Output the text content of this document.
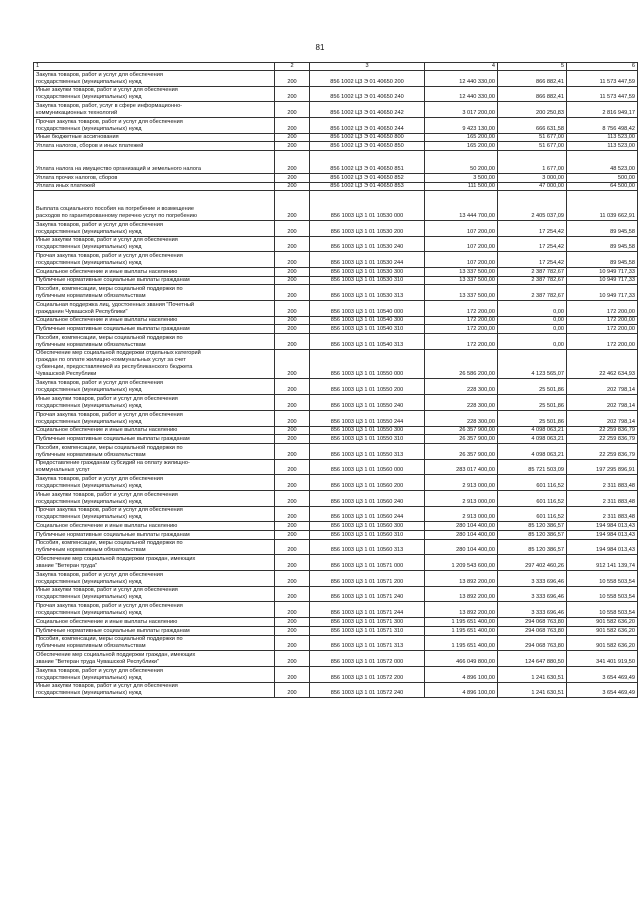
81
1	2	3	4	5	6
Закупка товаров, работ и услуг для обеспечения
государственных (муниципальных) нужд	200	856 1002 Ц3 Э 01 40650 200	12 440 330,00	866 882,41	11 573 447,59
Иные закупки товаров, работ и услуг для обеспечения
государственных (муниципальных) нужд	200	856 1002 Ц3 Э 01 40650 240	12 440 330,00	866 882,41	11 573 447,59
Закупка товаров, работ, услуг в сфере информационно-
коммуникационных технологий	200	856 1002 Ц3 Э 01 40650 242	3 017 200,00	200 250,83	2 816 949,17
Прочая закупка товаров, работ и услуг для обеспечения
государственных (муниципальных) нужд	200	856 1002 Ц3 Э 01 40650 244	9 423 130,00	666 631,58	8 756 498,42
Иные бюджетные ассигнования	200	856 1002 Ц3 Э 01 40650 800	165 200,00	51 677,00	113 523,00
Уплата налогов, сборов и иных платежей	200	856 1002 Ц3 Э 01 40650 850	165 200,00	51 677,00	113 523,00

Уплата налога на имущество организаций и земельного налога	200	856 1002 Ц3 Э 01 40650 851	50 200,00	1 677,00	48 523,00
Уплата прочих налогов, сборов	200	856 1002 Ц3 Э 01 40650 852	3 500,00	3 000,00	500,00
Уплата иных платежей	200	856 1002 Ц3 Э 01 40650 853	111 500,00	47 000,00	64 500,00

Выплата социального пособия на погребение и возмещение
расходов по гарантированному перечню услуг по погребению	200	856 1003 Ц3 1 01 10530 000	13 444 700,00	2 405 037,09	11 039 662,91
Закупка товаров, работ и услуг для обеспечения
государственных (муниципальных) нужд	200	856 1003 Ц3 1 01 10530 200	107 200,00	17 254,42	89 945,58
Иные закупки товаров, работ и услуг для обеспечения
государственных (муниципальных) нужд	200	856 1003 Ц3 1 01 10530 240	107 200,00	17 254,42	89 945,58
Прочая закупка товаров, работ и услуг для обеспечения
государственных (муниципальных) нужд	200	856 1003 Ц3 1 01 10530 244	107 200,00	17 254,42	89 945,58
Социальное обеспечение и иные выплаты населению	200	856 1003 Ц3 1 01 10530 300	13 337 500,00	2 387 782,67	10 949 717,33
Публичные нормативные социальные выплаты гражданам	200	856 1003 Ц3 1 01 10530 310	13 337 500,00	2 387 782,67	10 949 717,33
Пособия, компенсации, меры социальной поддержки по
публичным нормативным обязательствам	200	856 1003 Ц3 1 01 10530 313	13 337 500,00	2 387 782,67	10 949 717,33
Социальная поддержка лиц, удостоенных звания "Почетный
гражданин Чувашской Республики"	200	856 1003 Ц3 1 01 10540 000	172 200,00	0,00	172 200,00
Социальное обеспечение и иные выплаты населению	200	856 1003 Ц3 1 01 10540 300	172 200,00	0,00	172 200,00
Публичные нормативные социальные выплаты гражданам	200	856 1003 Ц3 1 01 10540 310	172 200,00	0,00	172 200,00
Пособия, компенсации, меры социальной поддержки по
публичным нормативным обязательствам	200	856 1003 Ц3 1 01 10540 313	172 200,00	0,00	172 200,00
Обеспечение мер социальной поддержки отдельных категорий
граждан по оплате жилищно-коммунальных услуг за счет
субвенции, предоставляемой из республиканского бюджета
Чувашской Республики	200	856 1003 Ц3 1 01 10550 000	26 586 200,00	4 123 565,07	22 462 634,93
Закупка товаров, работ и услуг для обеспечения
государственных (муниципальных) нужд	200	856 1003 Ц3 1 01 10550 200	228 300,00	25 501,86	202 798,14
Иные закупки товаров, работ и услуг для обеспечения
государственных (муниципальных) нужд	200	856 1003 Ц3 1 01 10550 240	228 300,00	25 501,86	202 798,14
Прочая закупка товаров, работ и услуг для обеспечения
государственных (муниципальных) нужд	200	856 1003 Ц3 1 01 10550 244	228 300,00	25 501,86	202 798,14
Социальное обеспечение и иные выплаты населению	200	856 1003 Ц3 1 01 10550 300	26 357 900,00	4 098 063,21	22 259 836,79
Публичные нормативные социальные выплаты гражданам	200	856 1003 Ц3 1 01 10550 310	26 357 900,00	4 098 063,21	22 259 836,79
Пособия, компенсации, меры социальной поддержки по
публичным нормативным обязательствам	200	856 1003 Ц3 1 01 10550 313	26 357 900,00	4 098 063,21	22 259 836,79
Предоставление гражданам субсидий на оплату жилищно-
коммунальных услуг	200	856 1003 Ц3 1 01 10560 000	283 017 400,00	85 721 503,09	197 295 896,91
Закупка товаров, работ и услуг для обеспечения
государственных (муниципальных) нужд	200	856 1003 Ц3 1 01 10560 200	2 913 000,00	601 116,52	2 311 883,48
Иные закупки товаров, работ и услуг для обеспечения
государственных (муниципальных) нужд	200	856 1003 Ц3 1 01 10560 240	2 913 000,00	601 116,52	2 311 883,48
Прочая закупка товаров, работ и услуг для обеспечения
государственных (муниципальных) нужд	200	856 1003 Ц3 1 01 10560 244	2 913 000,00	601 116,52	2 311 883,48
Социальное обеспечение и иные выплаты населению	200	856 1003 Ц3 1 01 10560 300	280 104 400,00	85 120 386,57	194 984 013,43
Публичные нормативные социальные выплаты гражданам	200	856 1003 Ц3 1 01 10560 310	280 104 400,00	85 120 386,57	194 984 013,43
Пособия, компенсации, меры социальной поддержки по
публичным нормативным обязательствам	200	856 1003 Ц3 1 01 10560 313	280 104 400,00	85 120 386,57	194 984 013,43
Обеспечение мер социальной поддержки граждан, имеющих
звание "Ветеран труда"	200	856 1003 Ц3 1 01 10571 000	1 209 543 600,00	297 402 460,26	912 141 139,74
Закупка товаров, работ и услуг для обеспечения
государственных (муниципальных) нужд	200	856 1003 Ц3 1 01 10571 200	13 892 200,00	3 333 696,46	10 558 503,54
Иные закупки товаров, работ и услуг для обеспечения
государственных (муниципальных) нужд	200	856 1003 Ц3 1 01 10571 240	13 892 200,00	3 333 696,46	10 558 503,54
Прочая закупка товаров, работ и услуг для обеспечения
государственных (муниципальных) нужд	200	856 1003 Ц3 1 01 10571 244	13 892 200,00	3 333 696,46	10 558 503,54
Социальное обеспечение и иные выплаты населению	200	856 1003 Ц3 1 01 10571 300	1 195 651 400,00	294 068 763,80	901 582 636,20
Публичные нормативные социальные выплаты гражданам	200	856 1003 Ц3 1 01 10571 310	1 195 651 400,00	294 068 763,80	901 582 636,20
Пособия, компенсации, меры социальной поддержки по
публичным нормативным обязательствам	200	856 1003 Ц3 1 01 10571 313	1 195 651 400,00	294 068 763,80	901 582 636,20
Обеспечение мер социальной поддержки граждан, имеющих
звание "Ветеран труда Чувашской Республики"	200	856 1003 Ц3 1 01 10572 000	466 049 800,00	124 647 880,50	341 401 919,50
Закупка товаров, работ и услуг для обеспечения
государственных (муниципальных) нужд	200	856 1003 Ц3 1 01 10572 200	4 896 100,00	1 241 630,51	3 654 469,49
Иные закупки товаров, работ и услуг для обеспечения
государственных (муниципальных) нужд	200	856 1003 Ц3 1 01 10572 240	4 896 100,00	1 241 630,51	3 654 469,49
